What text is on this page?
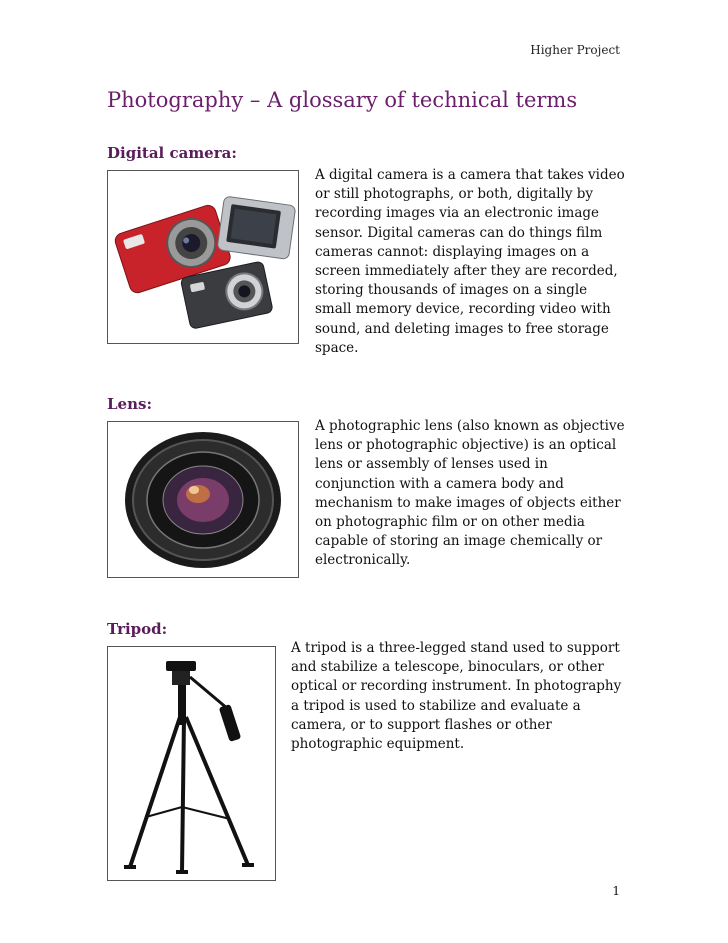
Higher Project
Photography – A glossary of technical terms
Digital camera:

A digital camera is a camera that takes video or still photographs, or both, digitally by recording images via an electronic image sensor. Digital cameras can do things film cameras cannot: displaying images on a screen immediately after they are recorded, storing thousands of images on a single small memory device, recording video with sound, and deleting images to free storage space.

Lens:

A photographic lens (also known as objective lens or photographic objective) is an optical lens or assembly of lenses used in conjunction with a camera body and mechanism to make images of objects either on photographic film or on other media capable of storing an image chemically or electronically.

Tripod:

A tripod is a three-legged stand used to support and stabilize a telescope, binoculars, or other optical or recording instrument. In photography a tripod is used to stabilize and evaluate a camera, or to support flashes or other photographic equipment.

1
